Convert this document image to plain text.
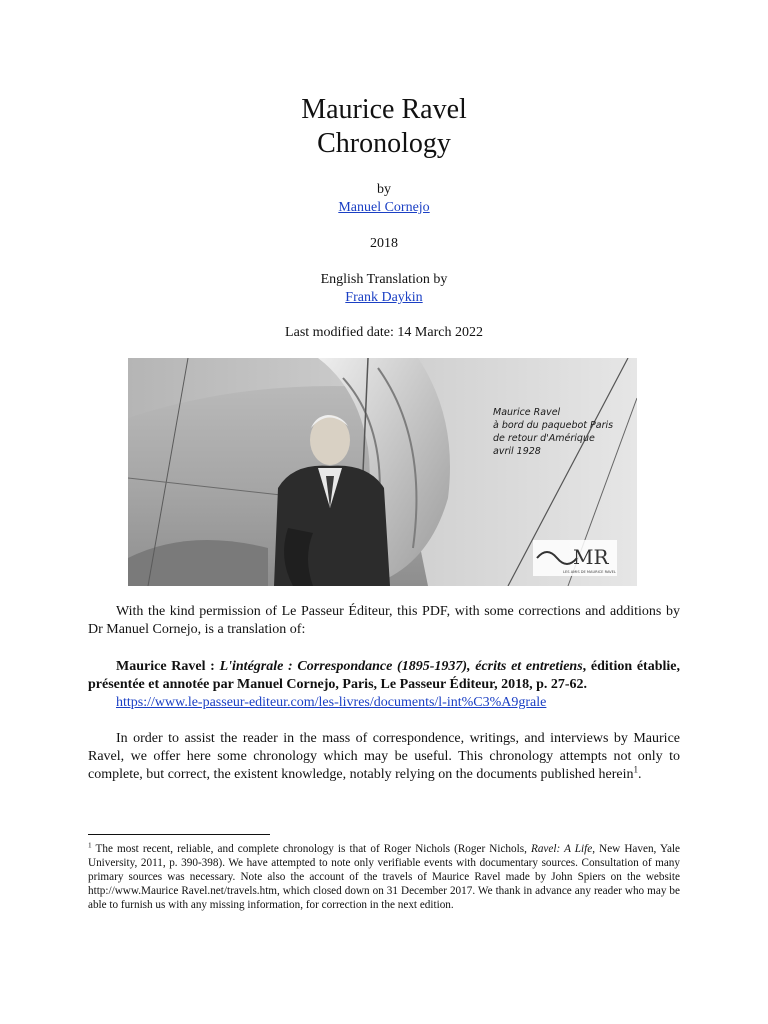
Maurice Ravel
Chronology

by

Manuel Cornejo

2018

English Translation by

Frank Daykin

Last modified date: 14 March 2022

Maurice Ravel
à bord du paquebot Paris
de retour d'Amérique
avril 1928
MR
LES AMIS DE MAURICE RAVEL

With the kind permission of Le Passeur Éditeur, this PDF, with some corrections and additions by Dr Manuel Cornejo, is a translation of:

Maurice Ravel : L'intégrale : Correspondance (1895-1937), écrits et entretiens, édition établie, présentée et annotée par Manuel Cornejo, Paris, Le Passeur Éditeur, 2018, p. 27-62.

https://www.le-passeur-editeur.com/les-livres/documents/l-int%C3%A9grale

In order to assist the reader in the mass of correspondence, writings, and interviews by Maurice Ravel, we offer here some chronology which may be useful. This chronology attempts not only to complete, but correct, the existent knowledge, notably relying on the documents published herein$^1$.

$^1$ The most recent, reliable, and complete chronology is that of Roger Nichols (Roger Nichols, Ravel: A Life, New Haven, Yale University, 2011, p. 390-398). We have attempted to note only verifiable events with documentary sources. Consultation of many primary sources was necessary. Note also the account of the travels of Maurice Ravel made by John Spiers on the website http://www.Maurice Ravel.net/travels.htm, which closed down on 31 December 2017. We thank in advance any reader who may be able to furnish us with any missing information, for correction in the next edition.
